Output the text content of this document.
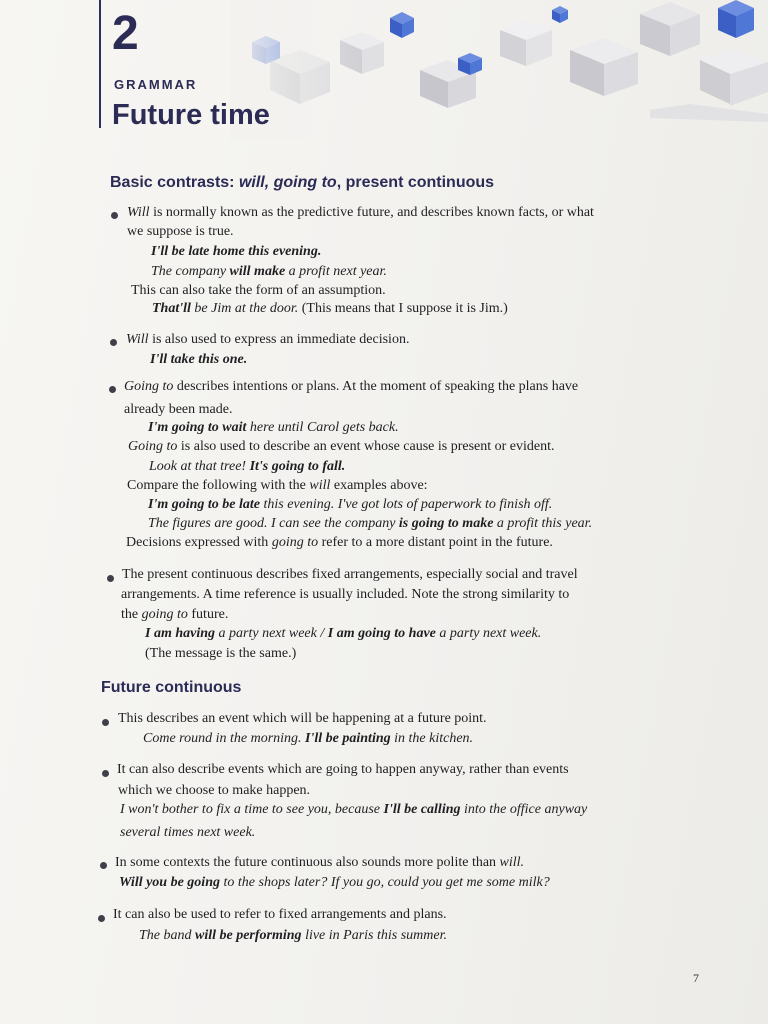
2
GRAMMAR
Future time
Basic contrasts: will, going to, present continuous
Will is normally known as the predictive future, and describes known facts, or what
we suppose is true.
I'll be late home this evening.
The company will make a profit next year.
This can also take the form of an assumption.
That'll be Jim at the door. (This means that I suppose it is Jim.)
Will is also used to express an immediate decision.
I'll take this one.
Going to describes intentions or plans. At the moment of speaking the plans have
already been made.
I'm going to wait here until Carol gets back.
Going to is also used to describe an event whose cause is present or evident.
Look at that tree! It's going to fall.
Compare the following with the will examples above:
I'm going to be late this evening. I've got lots of paperwork to finish off.
The figures are good. I can see the company is going to make a profit this year.
Decisions expressed with going to refer to a more distant point in the future.
The present continuous describes fixed arrangements, especially social and travel
arrangements. A time reference is usually included. Note the strong similarity to
the going to future.
I am having a party next week / I am going to have a party next week.
(The message is the same.)
Future continuous
This describes an event which will be happening at a future point.
Come round in the morning. I'll be painting in the kitchen.
It can also describe events which are going to happen anyway, rather than events
which we choose to make happen.
I won't bother to fix a time to see you, because I'll be calling into the office anyway
several times next week.
In some contexts the future continuous also sounds more polite than will.
Will you be going to the shops later? If you go, could you get me some milk?
It can also be used to refer to fixed arrangements and plans.
The band will be performing live in Paris this summer.
7
